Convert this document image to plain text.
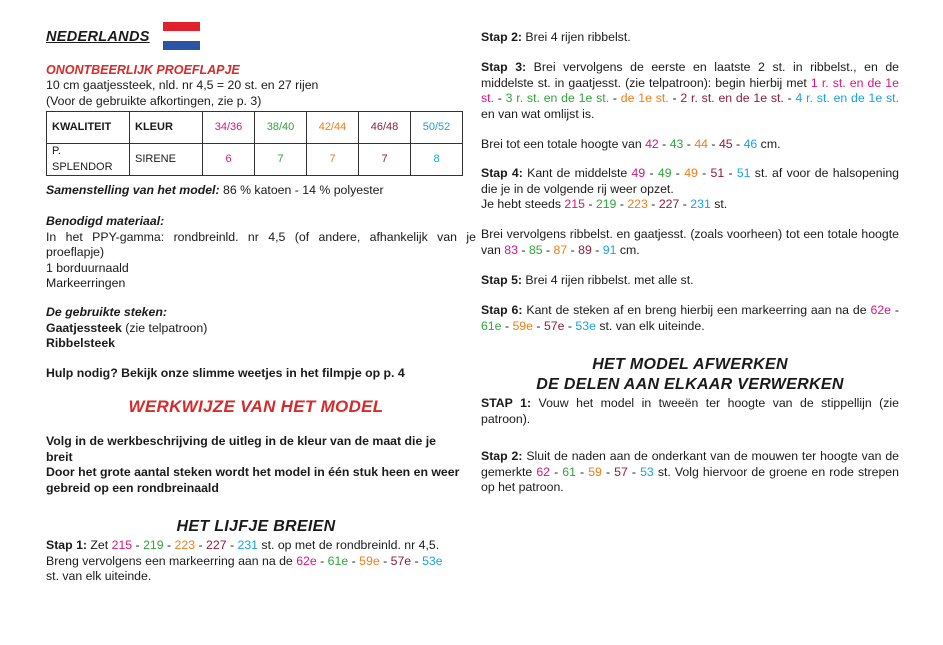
NEDERLANDS
ONONTBEERLIJK PROEFLAPJE
10 cm gaatjessteek, nld. nr 4,5 = 20 st. en 27 rijen
(Voor de gebruikte afkortingen, zie p. 3)
KWALITEIT	KLEUR	34/36	38/40	42/44	46/48	50/52
P. SPLENDOR	SIRENE	6	7	7	7	8
Samenstelling van het model: 86 % katoen - 14 % polyester
Benodigd materiaal:
In het PPY-gamma: rondbreinld. nr 4,5 (of andere, afhankelijk van je proeflapje)
1 borduurnaald
Markeerringen
De gebruikte steken:
Gaatjessteek (zie telpatroon)
Ribbelsteek
Hulp nodig? Bekijk onze slimme weetjes in het filmpje op p. 4
WERKWIJZE VAN HET MODEL
Volg in de werkbeschrijving de uitleg in de kleur van de maat die je breit
Door het grote aantal steken wordt het model in één stuk heen en weer gebreid op een rondbreinaald
HET LIJFJE BREIEN
Stap 1: Zet 215 - 219 - 223 - 227 - 231 st. op met de rondbreinld. nr 4,5.
Breng vervolgens een markeerring aan na de 62e - 61e - 59e - 57e - 53e
st. van elk uiteinde.
Stap 2: Brei 4 rijen ribbelst.
Stap 3: Brei vervolgens de eerste en laatste 2 st. in ribbelst., en de middelste st. in gaatjesst. (zie telpatroon): begin hierbij met 1 r. st. en de 1e st. - 3 r. st. en de 1e st. - de 1e st. - 2 r. st. en de 1e st. - 4 r. st. en de 1e st. en van wat omlijst is.
Brei tot een totale hoogte van 42 - 43 - 44 - 45 - 46 cm.
Stap 4: Kant de middelste 49 - 49 - 49 - 51 - 51 st. af voor de halsopening die je in de volgende rij weer opzet.
Je hebt steeds 215 - 219 - 223 - 227 - 231 st.
Brei vervolgens ribbelst. en gaatjesst. (zoals voorheen) tot een totale hoogte van 83 - 85 - 87 - 89 - 91 cm.
Stap 5: Brei 4 rijen ribbelst. met alle st.
Stap 6: Kant de steken af en breng hierbij een markeerring aan na de 62e - 61e - 59e - 57e - 53e st. van elk uiteinde.
HET MODEL AFWERKEN
DE DELEN AAN ELKAAR VERWERKEN
STAP 1: Vouw het model in tweeën ter hoogte van de stippellijn (zie patroon).
Stap 2: Sluit de naden aan de onderkant van de mouwen ter hoogte van de gemerkte 62 - 61 - 59 - 57 - 53 st. Volg hiervoor de groene en rode strepen op het patroon.
